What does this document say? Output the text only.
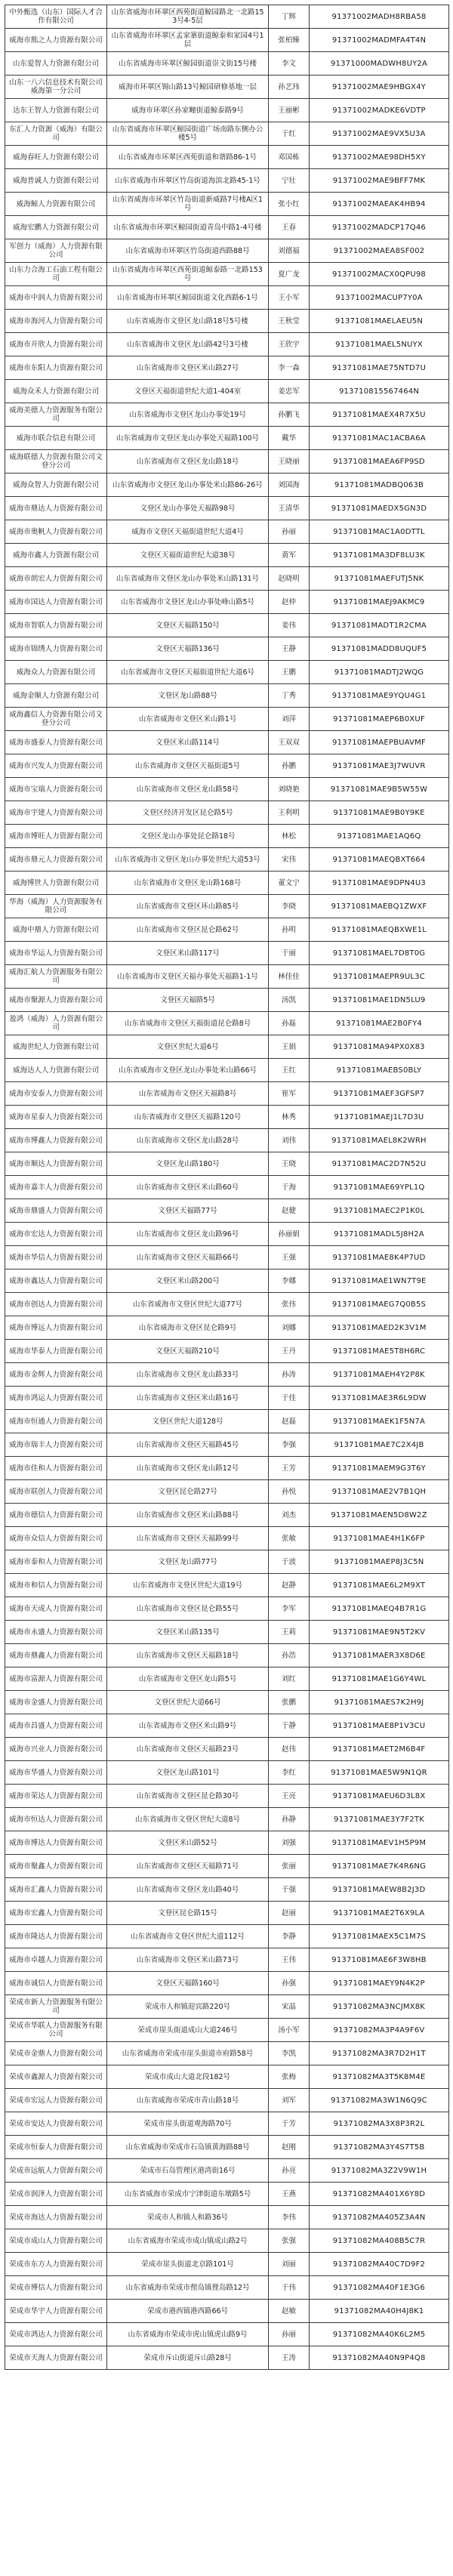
中外甄选（山东）国际人才合作有限公司	山东省威海市环翠区西苑街道鲸园路北一北路153号4-5层	丁辉	91371002MADH8RBA58
威海市熊之人力资源有限公司	山东省威海市环翠区孟家寨街道鲸泰和家园4号1层	张柏臻	91371002MADMFA4T4N
山东爱智人力资源有限公司	山东省威海市环翠区鲸园街道崇文街15号楼	李文	91371000MADWH8UY2A
山东一八六信息技术有限公司威海第一分公司	威海市环翠区锡山路13号鲸园研修基地一层	孙艺玮	91371002MAE9HBGX4Y
达东王智人力资源有限公司	威海市环翠区孙家疃街道鲸泰路9号	王丽彬	91371002MADKE6VDTP
东汇人力资源（威海）有限公司	山东省威海市环翠区鲸园街道广场南路东侧办公楼5号	于红	91371002MAE9VX5U3A
威海春旺人力资源有限公司	山东省威海市环翠区西苑街道和谐路86-1号	邓国栋	91371002MAE98DH5XY
威海普诚人力资源有限公司	山东省威海市环翠区竹岛街道海滨北路45-1号	宁壮	91371002MAE9BFF7MK
威海鲸人力资源有限公司	山东省威海市环翠区竹岛街道新威路7号楼A区1号	张小红	91371002MAEAK4HB94
威海宏鹏人力资源有限公司	山东省威海市环翠区鲸园街道青岛中路1-4号楼	王春	91371002MADCP17Q46
军创力（威海）人力资源有限公司	山东省威海市环翠区竹岛街道西路88号	刘德福	91371002MAEA8SF002
山东力合海工石油工程有限公司	山东省威海市环翠区西苑街道鲸泰路一北路153号	夏广龙	91371002MACX0QPU98
威海市中润人力资源有限公司	山东省威海市环翠区鲸园街道文化西路6-1号	王小军	91371002MACUP7Y0A
威海市海河人力资源有限公司	山东省威海市文登区龙山路18号5号楼	王秋莹	91371081MAELAEU5N
威海市开欣人力资源有限公司	山东省威海市文登区龙山路42号3号楼	王欣宇	91371081MAEL5NUYX
威海市东阳人力资源有限公司	山东省威海市文登区米山路27号	李一森	91371081MAE75NTD7U
威海众禾人力资源有限公司	文登区天福街道世纪大道1-404室	姜忠军	913710815567464N
威海美德人力资源服务有限公司	山东省威海市文登区龙山办事处19号	孙鹏飞	91371081MAEX4R7X5U
威海市联合信息有限公司	山东省威海市文登区龙山办事处天福路100号	戴华	91371081MAC1ACBA6A
威海联德人力资源有限公司文登分公司	山东省威海市文登区龙山路18号	王晓丽	91371081MAEA6FP9SD
威海众智人力资源有限公司	山东省威海市文登区龙山办事处米山路86-26号	刘国海	91371081MADBQ063B
威海市鼎达人力资源有限公司	文登区龙山办事处天福路98号	王清华	91371081MAEDX5GN3D
威海市奥帆人力资源有限公司	威海市文登区天福街道世纪大道4号	孙丽	91371081MAC1A0DTTL
威海市鑫人力资源有限公司	文登区天福街道世纪大道38号	黄军	91371081MA3DF8LU3K
威海市朗宏人力资源有限公司	山东省威海市文登区龙山办事处米山路131号	赵晓明	91371081MAEFUTJ5NK
威海市国达人力资源有限公司	山东省威海市文登区龙山办事处峰山路5号	赵仲	91371081MAEJ9AKMC9
威海市智联人力资源有限公司	文登区天福路150号	姜伟	91371081MADT1R2CMA
威海市锦绣人力资源有限公司	文登区天福路136号	王静	91371081MADD8UQUF5
威海众人力资源有限公司	山东省威海市文登区天福街道世纪大道6号	王鹏	91371081MADTJ2WQG
威海金顺人力资源有限公司	文登区龙山路88号	丁秀	91371081MAE9YQU4G1
威海鑫信人力资源有限公司文登分公司	山东省威海市文登区米山路1号	刘萍	91371081MAEP6B0XUF
威海市盛泰人力资源有限公司	文登区米山路114号	王双双	91371081MAEPBUAVMF
威海市兴发人力资源有限公司	山东省威海市文登区天福街道5号	孙鹏	91371081MAE3J7WUVR
威海市宝瑞人力资源有限公司	山东省威海市文登区龙山路58号	刘晓艳	91371081MAE9B5W55W
威海市宇建人力资源有限公司	文登区经济开发区昆仑路5号	王利明	91371081MAE9B0Y9KE
威海市博旺人力资源有限公司	文登区龙山办事处昆仑路18号	林松	91371081MAE1AQ6Q
威海市鼎元人力资源有限公司	山东省威海市文登区龙山办事处世纪大道53号	宋伟	91371081MAEQBXT664
威海博世人力资源有限公司	山东省威海市文登区龙山路168号	董文宁	91371081MAE9DPN4U3
华海（威海）人力资源服务有限公司	山东省威海市文登区环山路85号	李晓	91371081MAEBQ1ZWXF
威海中鼎人力资源有限公司	山东省威海市文登区昆仑路62号	孙明	91371081MAEQBXWE1L
威海市华运人力资源有限公司	文登区米山路117号	于丽	91371081MAEL7D8T0G
威海汇航人力资源服务有限公司	山东省威海市文登区天福办事处天福路1-1号	林佳佳	91371081MAEPR9UL3C
威海市聚源人力资源有限公司	文登区天福路5号	汤凯	91371081MAE1DN5LU9
盈鸿（威海）人力资源有限公司	山东省威海市文登区天福街道昆仑路8号	孙磊	91371081MAE2B0FY4
威海世纪人力资源有限公司	文登区世纪大道6号	王娟	91371081MA94PX0X83
威海达人人力资源有限公司	山东省威海市文登区龙山办事处米山路66号	王红	91371081MAEBS0BLY
威海市安泰人力资源有限公司	山东省威海市文登区天福路8号	崔军	91371081MAEF3GFSP7
威海市星泰人力资源有限公司	山东省威海市文登区天福路120号	林秀	91371081MAEJ1L7D3U
威海市博鑫人力资源有限公司	山东省威海市文登区龙山路28号	刘伟	91371081MAEL8K2WRH
威海市顺达人力资源有限公司	文登区龙山路180号	王晓	91371081MAC2D7N52U
威海市嘉丰人力资源有限公司	山东省威海市文登区米山路60号	于海	91371081MAE69YPL1Q
威海市鼎盛人力资源有限公司	文登区天福路77号	赵健	91371081MAEC2P1K0L
威海市宏达人力资源有限公司	山东省威海市文登区龙山路96号	孙丽娟	91371081MADL5J8H2A
威海市华信人力资源有限公司	山东省威海市文登区天福路66号	王强	91371081MAE8K4P7UD
威海市鑫达人力资源有限公司	文登区米山路200号	李娜	91371081MAE1WN7T9E
威海市创达人力资源有限公司	山东省威海市文登区世纪大道77号	张伟	91371081MAEG7Q0B5S
威海市博远人力资源有限公司	山东省威海市文登区昆仑路9号	刘娜	91371081MAED2K3V1M
威海市华泰人力资源有限公司	文登区天福路210号	王丹	91371081MAE5T8H6RC
威海市金辉人力资源有限公司	山东省威海市文登区龙山路33号	孙涛	91371081MAEH4Y2P8K
威海市鸿运人力资源有限公司	山东省威海市文登区米山路16号	于佳	91371081MAE3R6L9DW
威海市恒通人力资源有限公司	文登区世纪大道128号	赵磊	91371081MAEK1F5N7A
威海市瑞丰人力资源有限公司	山东省威海市文登区天福路45号	李强	91371081MAE7C2X4JB
威海市佳和人力资源有限公司	山东省威海市文登区龙山路12号	王芳	91371081MAEM9G3T6Y
威海市联创人力资源有限公司	文登区昆仑路27号	孙悦	91371081MAE2V7B1QH
威海市德信人力资源有限公司	山东省威海市文登区米山路88号	刘杰	91371081MAEN5D8W2Z
威海市众信人力资源有限公司	山东省威海市文登区天福路99号	张敏	91371081MAE4H1K6FP
威海市泰和人力资源有限公司	文登区龙山路77号	于波	91371081MAEP8J3C5N
威海市和信人力资源有限公司	山东省威海市文登区世纪大道19号	赵静	91371081MAE6L2M9XT
威海市天成人力资源有限公司	山东省威海市文登区昆仑路55号	李军	91371081MAEQ4B7R1G
威海市永盛人力资源有限公司	文登区米山路135号	王莉	91371081MAE9N5T2KV
威海市鼎鑫人力资源有限公司	山东省威海市文登区天福路18号	孙浩	91371081MAER3X8D6E
威海市富源人力资源有限公司	山东省威海市文登区龙山路5号	刘红	91371081MAE1G6Y4WL
威海市金盛人力资源有限公司	文登区世纪大道66号	张鹏	91371081MAES7K2H9J
威海市昌盛人力资源有限公司	山东省威海市文登区米山路9号	于静	91371081MAE8P1V3CU
威海市兴业人力资源有限公司	山东省威海市文登区天福路23号	赵伟	91371081MAET2M6B4F
威海市华盛人力资源有限公司	文登区龙山路101号	李红	91371081MAE5W9N1QR
威海市荣达人力资源有限公司	山东省威海市文登区昆仑路30号	王亮	91371081MAEU6D3L8X
威海市恒达人力资源有限公司	山东省威海市文登区世纪大道8号	孙静	91371081MAE3Y7F2TK
威海市博达人力资源有限公司	文登区米山路52号	刘强	91371081MAEV1H5P9M
威海市聚鑫人力资源有限公司	山东省威海市文登区天福路71号	张丽	91371081MAE7K4R6NG
威海市汇鑫人力资源有限公司	山东省威海市文登区龙山路40号	于强	91371081MAEW8B2J3D
威海市宏鑫人力资源有限公司	文登区昆仑路15号	赵丽	91371081MAE2T6X9LA
威海市隆达人力资源有限公司	山东省威海市文登区世纪大道112号	李静	91371081MAEX5C1M7S
威海市卓越人力资源有限公司	山东省威海市文登区米山路73号	王伟	91371081MAE6F3W8HB
威海市诚信人力资源有限公司	文登区天福路160号	孙强	91371081MAEY9N4K2P
荣成市新人力资源服务有限公司	荣成市人和镇迎宾路220号	宋晶	91371082MA3NCJMX8K
荣成市华联人力资源服务有限公司	荣成市崖头街道成山大道246号	汤小军	91371082MA3P4A9F6V
荣成市金鼎人力资源有限公司	山东省威海市荣成市崖头街道市府路58号	李凯	91371082MA3R7D2H1T
荣成市鑫源人力资源有限公司	荣成市成山大道北段182号	张梅	91371082MA3T5K8M4E
荣成市宏远人力资源有限公司	山东省威海市荣成市青山路18号	刘军	91371082MA3W1N6Q9C
荣成市安达人力资源有限公司	荣成市崖头街道观海路70号	于芳	91371082MA3X8P3R2L
荣成市恒泰人力资源有限公司	山东省威海市荣成市石岛镇黄海路88号	赵刚	91371082MA3Y4S7T5B
荣成市远航人力资源有限公司	荣成市石岛管理区港湾街16号	孙亮	91371082MA3Z2V9W1H
荣成市润泽人力资源有限公司	山东省威海市荣成市宁津街道东墩路5号	王燕	91371082MA401X6Y8D
荣成市海达人力资源有限公司	荣成市人和镇人和路36号	李伟	91371082MA405Z3A4N
荣成市成山人力资源有限公司	山东省威海市荣成市成山镇成山路2号	张强	91371082MA408B5C7R
荣成市东方人力资源有限公司	荣成市崖头街道北京路101号	刘丽	91371082MA40C7D9F2
荣成市博信人力资源有限公司	山东省威海市荣成市俚岛镇俚岛路12号	于伟	91371082MA40F1E3G6
荣成市华宇人力资源有限公司	荣成市港西镇港西路66号	赵敏	91371082MA40H4J8K1
荣成市鸿达人力资源有限公司	山东省威海市荣成市虎山镇虎山路9号	孙丽	91371082MA40K6L2M5
荣成市天海人力资源有限公司	荣成市斥山街道斥山路28号	王涛	91371082MA40N9P4Q8
